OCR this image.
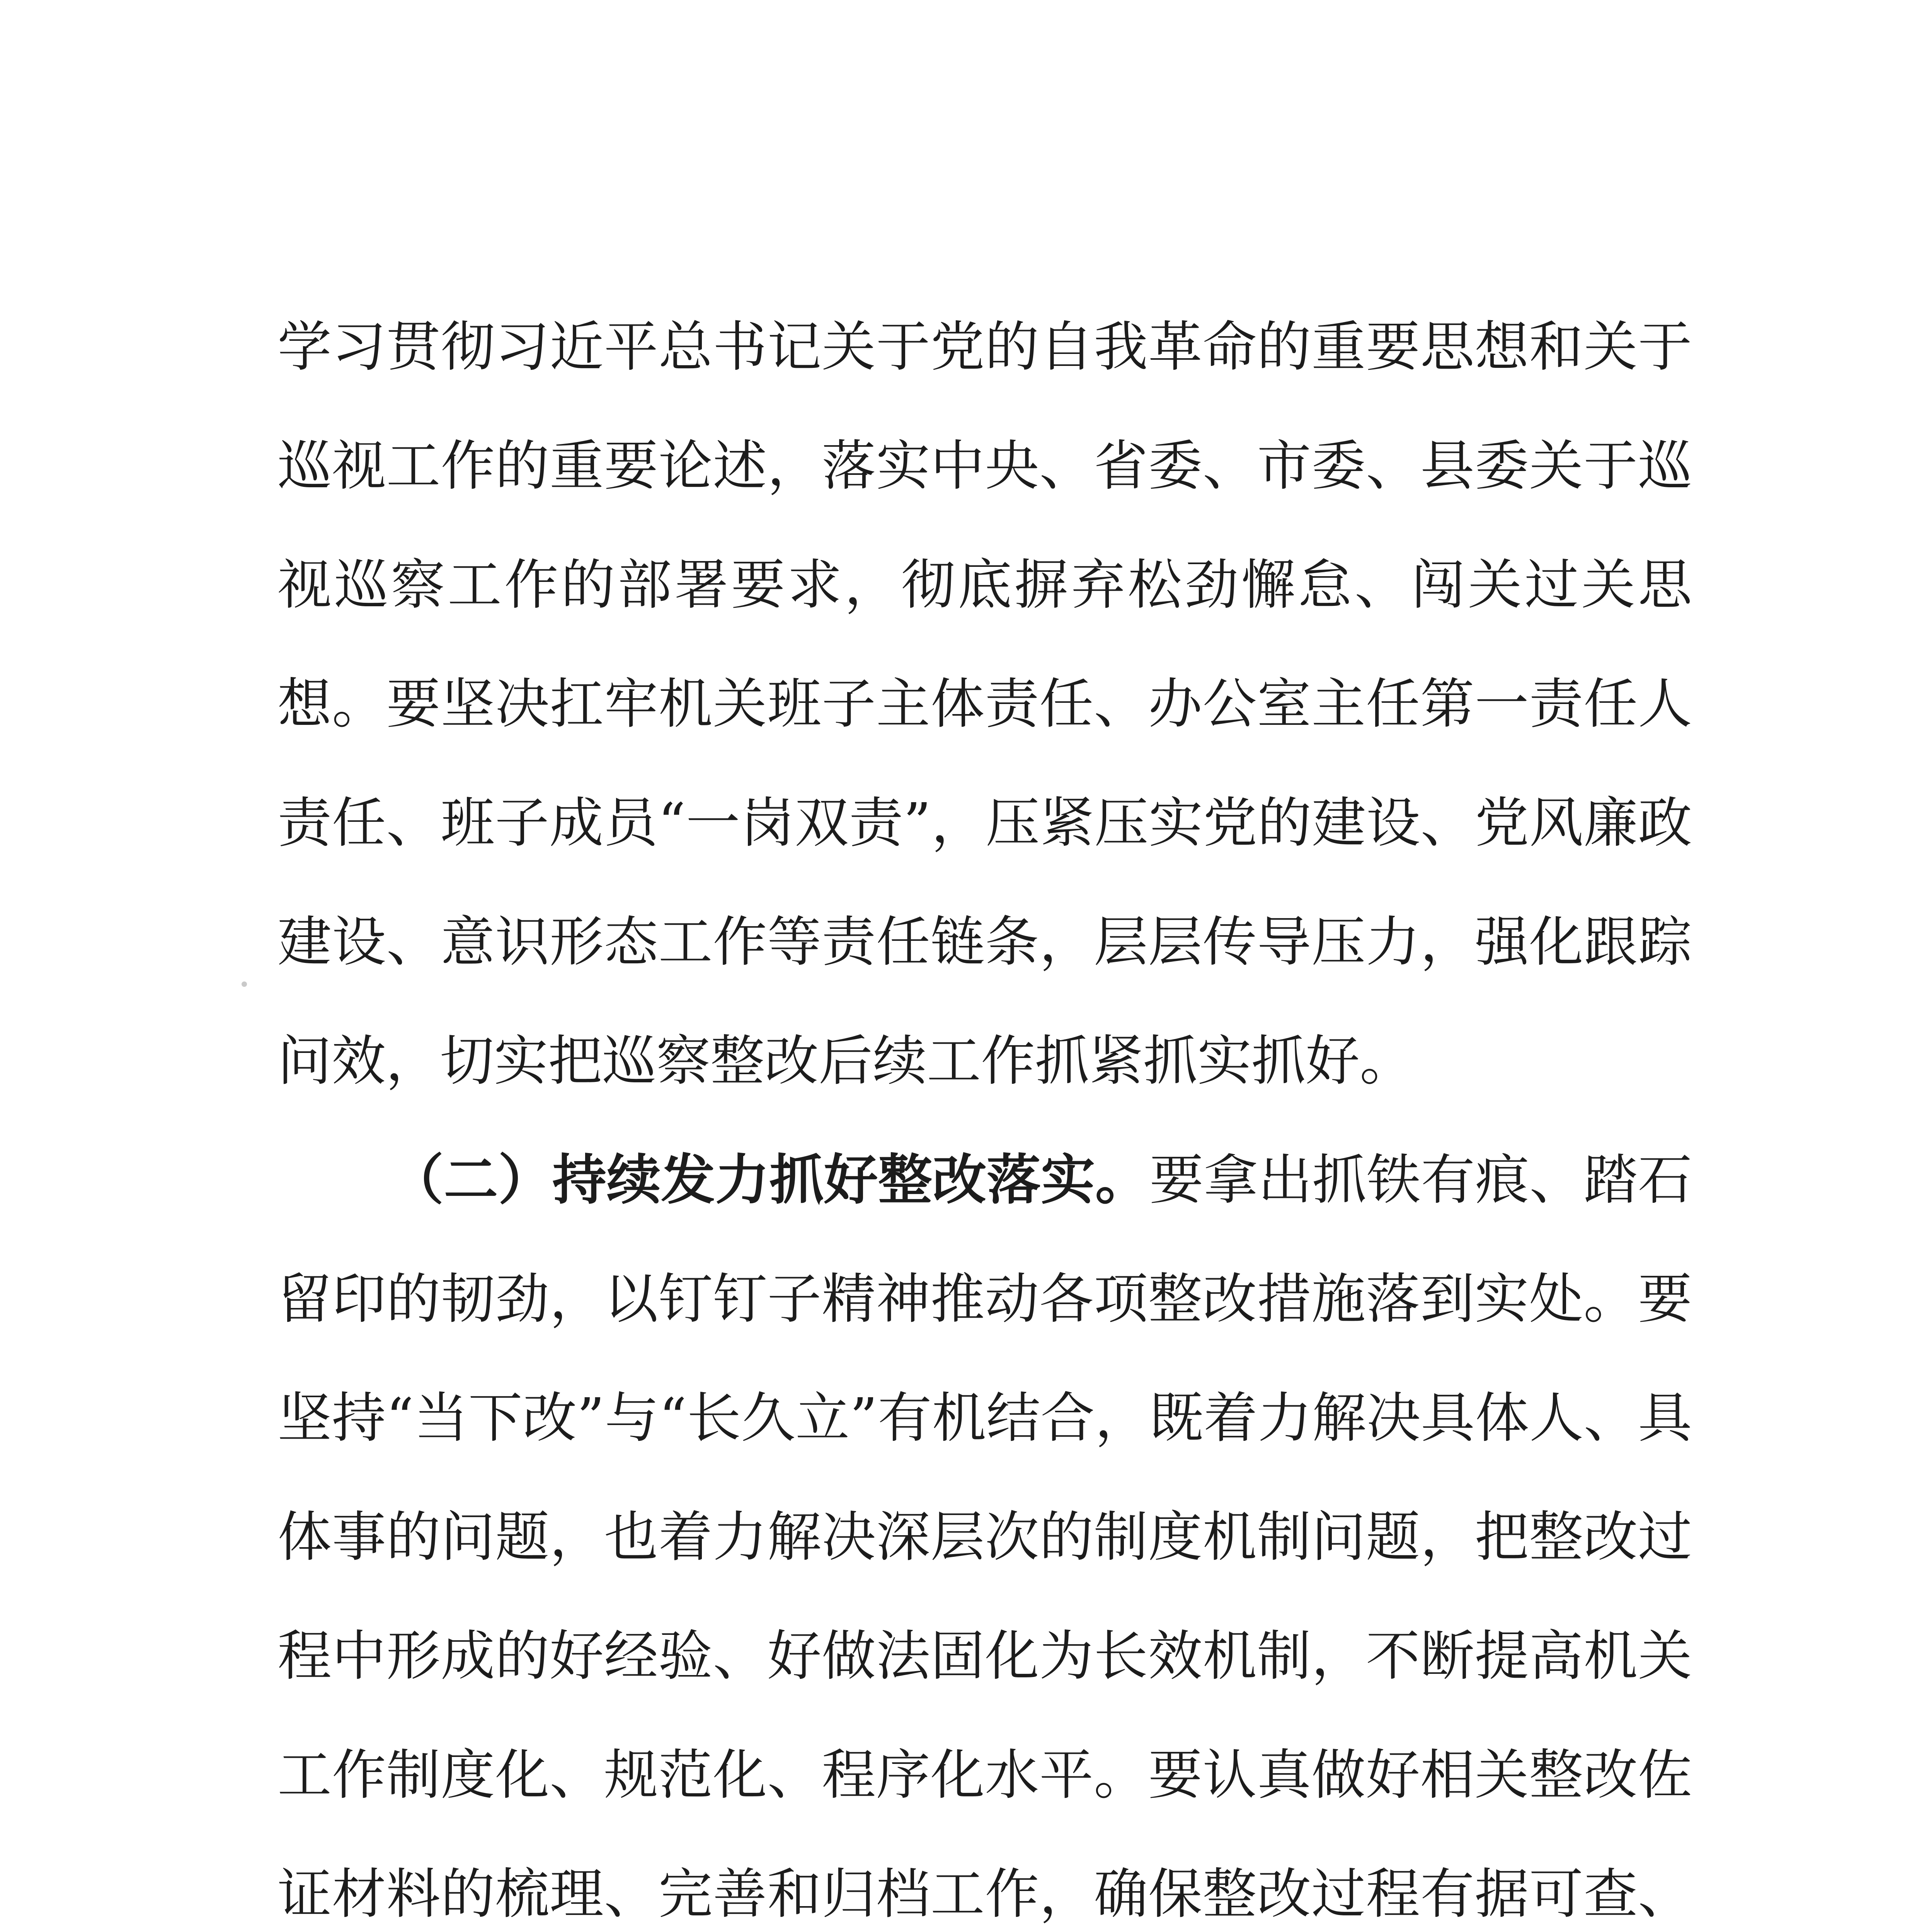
学习贯彻习近平总书记关于党的自我革命的重要思想和关于巡视工作的重要论述，落实中央、省委、市委、县委关于巡视巡察工作的部署要求，彻底摒弃松劲懈怠、闯关过关思想。要坚决扛牢机关班子主体责任、办公室主任第一责任人责任、班子成员“一岗双责”，压紧压实党的建设、党风廉政建设、意识形态工作等责任链条，层层传导压力，强化跟踪问效，切实把巡察整改后续工作抓紧抓实抓好。

（二）持续发力抓好整改落实。要拿出抓铁有痕、踏石留印的韧劲，以钉钉子精神推动各项整改措施落到实处。要坚持“当下改”与“长久立”有机结合，既着力解决具体人、具体事的问题，也着力解决深层次的制度机制问题，把整改过程中形成的好经验、好做法固化为长效机制，不断提高机关工作制度化、规范化、程序化水平。要认真做好相关整改佐证材料的梳理、完善和归档工作，确保整改过程有据可查、
